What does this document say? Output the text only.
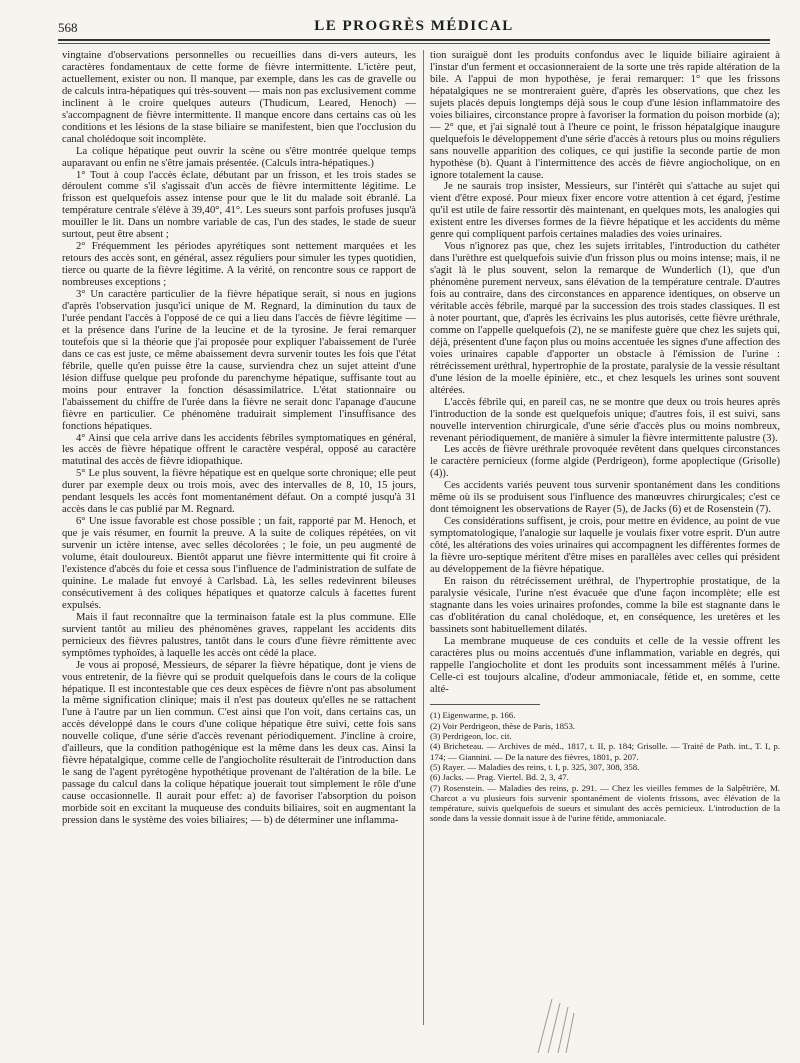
568	LE PROGRÈS MÉDICAL

vingtaine d'observations personnelles ou recueillies dans di-vers auteurs, les caractères fondamentaux de cette forme de fièvre intermittente. L'ictère peut, actuellement, exister ou non. Il manque, par exemple, dans les cas de gravelle ou de calculs intra-hépatiques qui très-souvent — mais non pas exclusivement comme inclinent à le croire quelques auteurs (Thudicum, Leared, Henoch) — s'accompagnent de fièvre intermittente. Il manque encore dans certains cas où les conditions et les lésions de la stase biliaire se manifestent, bien que l'occlusion du canal cholédoque soit incomplète.

La colique hépatique peut ouvrir la scène ou s'être montrée quelque temps auparavant ou enfin ne s'être jamais présentée. (Calculs intra-hépatiques.)

1° Tout à coup l'accès éclate, débutant par un frisson, et les trois stades se déroulent comme s'il s'agissait d'un accès de fièvre intermittente légitime. Le frisson est quelquefois assez intense pour que le lit du malade soit ébranlé. La température centrale s'élève à 39,40°, 41°. Les sueurs sont parfois profuses jusqu'à mouiller le lit. Dans un nombre variable de cas, l'un des stades, le stade de sueur surtout, peut être absent ;

2° Fréquemment les périodes apyrétiques sont nettement marquées et les retours des accès sont, en général, assez réguliers pour simuler les types quotidien, tierce ou quarte de la fièvre légitime. A la vérité, on rencontre sous ce rapport de nombreuses exceptions ;

3° Un caractère particulier de la fièvre hépatique serait, si nous en jugions d'après l'observation jusqu'ici unique de M. Regnard, la diminution du taux de l'urée pendant l'accès à l'opposé de ce qui a lieu dans l'accès de fièvre légitime — et la présence dans l'urine de la leucine et de la tyrosine. Je ferai remarquer toutefois que si la théorie que j'ai proposée pour expliquer l'abaissement de l'urée dans ce cas est juste, ce même abaissement devra survenir toutes les fois que l'état fébrile, quelle qu'en puisse être la cause, surviendra chez un sujet atteint d'une lésion diffuse quelque peu profonde du parenchyme hépatique, suffisante tout au moins pour entraver la fonction désassimilatrice. L'état stationnaire ou l'abaissement du chiffre de l'urée dans la fièvre ne serait donc l'apanage d'aucune fièvre en particulier. Ce phénomène traduirait simplement l'insuffisance des fonctions hépatiques.

4° Ainsi que cela arrive dans les accidents fébriles symptomatiques en général, les accès de fièvre hépatique offrent le caractère vespéral, opposé au caractère matutinal des accès de fièvre idiopathique.

5° Le plus souvent, la fièvre hépatique est en quelque sorte chronique; elle peut durer par exemple deux ou trois mois, avec des intervalles de 8, 10, 15 jours, pendant lesquels les accès font momentanément défaut. On a compté jusqu'à 31 accès dans le cas publié par M. Regnard.

6° Une issue favorable est chose possible ; un fait, rapporté par M. Henoch, et que je vais résumer, en fournit la preuve. A la suite de coliques répétées, on vit survenir un ictère intense, avec selles décolorées ; le foie, un peu augmenté de volume, était douloureux. Bientôt apparut une fièvre intermittente qui fit croire à l'existence d'abcès du foie et cessa sous l'influence de l'administration de sulfate de quinine. Le malade fut envoyé à Carlsbad. Là, les selles redevinrent bileuses consécutivement à des coliques hépatiques et quatorze calculs à facettes furent expulsés.

Mais il faut reconnaître que la terminaison fatale est la plus commune. Elle survient tantôt au milieu des phénomènes graves, rappelant les accidents dits pernicieux des fièvres palustres, tantôt dans le cours d'une fièvre rémittente avec symptômes typhoïdes, à laquelle les accès ont cédé la place.

Je vous ai proposé, Messieurs, de séparer la fièvre hépatique, dont je viens de vous entretenir, de la fièvre qui se produit quelquefois dans le cours de la colique hépatique. Il est incontestable que ces deux espèces de fièvre n'ont pas absolument la même signification clinique; mais il n'est pas douteux qu'elles ne se rattachent l'une à l'autre par un lien commun. C'est ainsi que l'on voit, dans certains cas, un accès développé dans le cours d'une colique hépatique être suivi, cette fois sans nouvelle colique, d'une série d'accès revenant périodiquement. J'incline à croire, d'ailleurs, que la condition pathogénique est la même dans les deux cas. Ainsi la fièvre hépatalgique, comme celle de l'angiocholite résulterait de l'introduction dans le sang de l'agent pyrétogène hypothétique provenant de l'altération de la bile. Le passage du calcul dans la colique hépatique jouerait tout simplement le rôle d'une cause occasionnelle. Il aurait pour effet: a) de favoriser l'absorption du poison morbide soit en excitant la muqueuse des conduits biliaires, soit en augmentant la pression dans le système des voies biliaires; — b) de déterminer une inflamma-

tion suraiguë dont les produits confondus avec le liquide biliaire agiraient à l'instar d'un ferment et occasionneraient de la sorte une très rapide altération de la bile. A l'appui de mon hypothèse, je ferai remarquer: 1° que les frissons hépatalgiques ne se montreraient guère, d'après les observations, que chez les sujets placés depuis longtemps déjà sous le coup d'une lésion inflammatoire des voies biliaires, circonstance propre à favoriser la formation du poison morbide (a); — 2° que, et j'ai signalé tout à l'heure ce point, le frisson hépatalgique inaugure quelquefois le développement d'une série d'accès à retours plus ou moins réguliers sans nouvelle apparition des coliques, ce qui justifie la seconde partie de mon hypothèse (b). Quant à l'intermittence des accès de fièvre angiocholique, on en ignore totalement la cause.

Je ne saurais trop insister, Messieurs, sur l'intérêt qui s'attache au sujet qui vient d'être exposé. Pour mieux fixer encore votre attention à cet égard, j'estime qu'il est utile de faire ressortir dès maintenant, en quelques mots, les analogies qui existent entre les diverses formes de la fièvre hépatique et les accidents du même genre qui compliquent parfois certaines maladies des voies urinaires.

Vous n'ignorez pas que, chez les sujets irritables, l'introduction du cathéter dans l'urèthre est quelquefois suivie d'un frisson plus ou moins intense; mais, il ne s'agit là le plus souvent, selon la remarque de Wunderlich (1), que d'un phénomène purement nerveux, sans élévation de la température centrale. D'autres fois au contraire, dans des circonstances en apparence identiques, on observe un véritable accès fébrile, marqué par la succession des trois stades classiques. Il est à noter pourtant, que, d'après les écrivains les plus autorisés, cette fièvre uréthrale, comme on l'appelle quelquefois (2), ne se manifeste guère que chez les sujets qui, déjà, présentent d'une façon plus ou moins accentuée les signes d'une affection des voies urinaires capable d'apporter un obstacle à l'émission de l'urine : rétrécissement uréthral, hypertrophie de la prostate, paralysie de la vessie résultant d'une lésion de la moelle épinière, etc., et chez lesquels les urines sont souvent altérées.

L'accès fébrile qui, en pareil cas, ne se montre que deux ou trois heures après l'introduction de la sonde est quelquefois unique; d'autres fois, il est suivi, sans nouvelle intervention chirurgicale, d'une série d'accès plus ou moins nombreux, revenant périodiquement, de manière à simuler la fièvre intermittente palustre (3).

Les accès de fièvre uréthrale provoquée revêtent dans quelques circonstances le caractère pernicieux (forme algide (Perdrigeon), forme apoplectique (Grisolle) (4)).

Ces accidents variés peuvent tous survenir spontanément dans les conditions même où ils se produisent sous l'influence des manœuvres chirurgicales; c'est ce dont témoignent les observations de Rayer (5), de Jacks (6) et de Rosenstein (7).

Ces considérations suffisent, je crois, pour mettre en évidence, au point de vue symptomatologique, l'analogie sur laquelle je voulais fixer votre esprit. D'un autre côté, les altérations des voies urinaires qui accompagnent les différentes formes de la fièvre uro-septique méritent d'être mises en parallèles avec celles qui président au développement de la fièvre hépatique.

En raison du rétrécissement uréthral, de l'hypertrophie prostatique, de la paralysie vésicale, l'urine n'est évacuée que d'une façon incomplète; elle est stagnante dans les voies urinaires profondes, comme la bile est stagnante dans le cas d'oblitération du canal cholédoque, et, en conséquence, les uretères et les bassinets sont habituellement dilatés.

La membrane muqueuse de ces conduits et celle de la vessie offrent les caractères plus ou moins accentués d'une inflammation, variable en degrés, qui rappelle l'angiocholite et dont les produits sont incessamment mêlés à l'urine. Celle-ci est toujours alcaline, d'odeur ammoniacale, fétide et, en somme, cette alté-

(1) Eigenwarme, p. 166.

(2) Voir Perdrigeon, thèse de Paris, 1853.

(3) Perdrigeon, loc. cit.

(4) Bricheteau. — Archives de méd., 1817, t. II, p. 184; Grisolle. — Traité de Path. int., T. I, p. 174; — Giannini. — De la nature des fièvres, 1801, p. 207.

(5) Rayer. — Maladies des reins, t. I, p. 325, 307, 308, 358.

(6) Jacks. — Prag. Viertel. Bd. 2, 3, 47.

(7) Rosenstein. — Maladies des reins, p. 291. — Chez les vieilles femmes de la Salpêtrière, M. Charcot a vu plusieurs fois survenir spontanément de violents frissons, avec élévation de la température, suivis quelquefois de sueurs et simulant des accès pernicieux. L'introduction de la sonde dans la vessie donnait issue à de l'urine fétide, ammoniacale.
